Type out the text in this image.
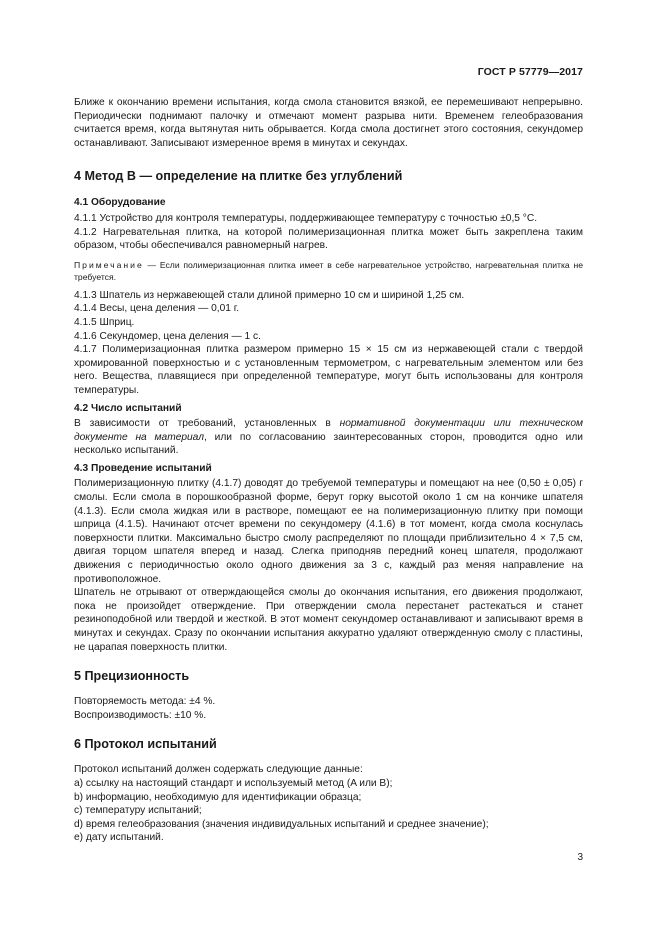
ГОСТ Р 57779—2017

Ближе к окончанию времени испытания, когда смола становится вязкой, ее перемешивают непрерывно. Периодически поднимают палочку и отмечают момент разрыва нити. Временем гелеобразования считается время, когда вытянутая нить обрывается. Когда смола достигнет этого состояния, секундомер останавливают. Записывают измеренное время в минутах и секундах.

4 Метод B — определение на плитке без углублений
4.1 Оборудование

4.1.1 Устройство для контроля температуры, поддерживающее температуру с точностью ±0,5 °C.

4.1.2 Нагревательная плитка, на которой полимеризационная плитка может быть закреплена таким образом, чтобы обеспечивался равномерный нагрев.

Примечание — Если полимеризационная плитка имеет в себе нагревательное устройство, нагревательная плитка не требуется.

4.1.3 Шпатель из нержавеющей стали длиной примерно 10 см и шириной 1,25 см.

4.1.4 Весы, цена деления — 0,01 г.

4.1.5 Шприц.

4.1.6 Секундомер, цена деления — 1 с.

4.1.7 Полимеризационная плитка размером примерно 15 × 15 см из нержавеющей стали с твердой хромированной поверхностью и с установленным термометром, с нагревательным элементом или без него. Вещества, плавящиеся при определенной температуре, могут быть использованы для контроля температуры.

4.2 Число испытаний

В зависимости от требований, установленных в нормативной документации или техническом документе на материал, или по согласованию заинтересованных сторон, проводится одно или несколько испытаний.

4.3 Проведение испытаний

Полимеризационную плитку (4.1.7) доводят до требуемой температуры и помещают на нее (0,50 ± 0,05) г смолы. Если смола в порошкообразной форме, берут горку высотой около 1 см на кончике шпателя (4.1.3). Если смола жидкая или в растворе, помещают ее на полимеризационную плитку при помощи шприца (4.1.5). Начинают отсчет времени по секундомеру (4.1.6) в тот момент, когда смола коснулась поверхности плитки. Максимально быстро смолу распределяют по площади приблизительно 4 × 7,5 см, двигая торцом шпателя вперед и назад. Слегка приподняв передний конец шпателя, продолжают движения с периодичностью около одного движения за 3 с, каждый раз меняя направление на противоположное.

Шпатель не отрывают от отверждающейся смолы до окончания испытания, его движения продолжают, пока не произойдет отверждение. При отверждении смола перестанет растекаться и станет резиноподобной или твердой и жесткой. В этот момент секундомер останавливают и записывают время в минутах и секундах. Сразу по окончании испытания аккуратно удаляют отвержденную смолу с пластины, не царапая поверхность плитки.

5 Прецизионность

Повторяемость метода: ±4 %.

Воспроизводимость: ±10 %.

6 Протокол испытаний

Протокол испытаний должен содержать следующие данные:

a) ссылку на настоящий стандарт и используемый метод (A или B);

b) информацию, необходимую для идентификации образца;

c) температуру испытаний;

d) время гелеобразования (значения индивидуальных испытаний и среднее значение);

e) дату испытаний.

3
